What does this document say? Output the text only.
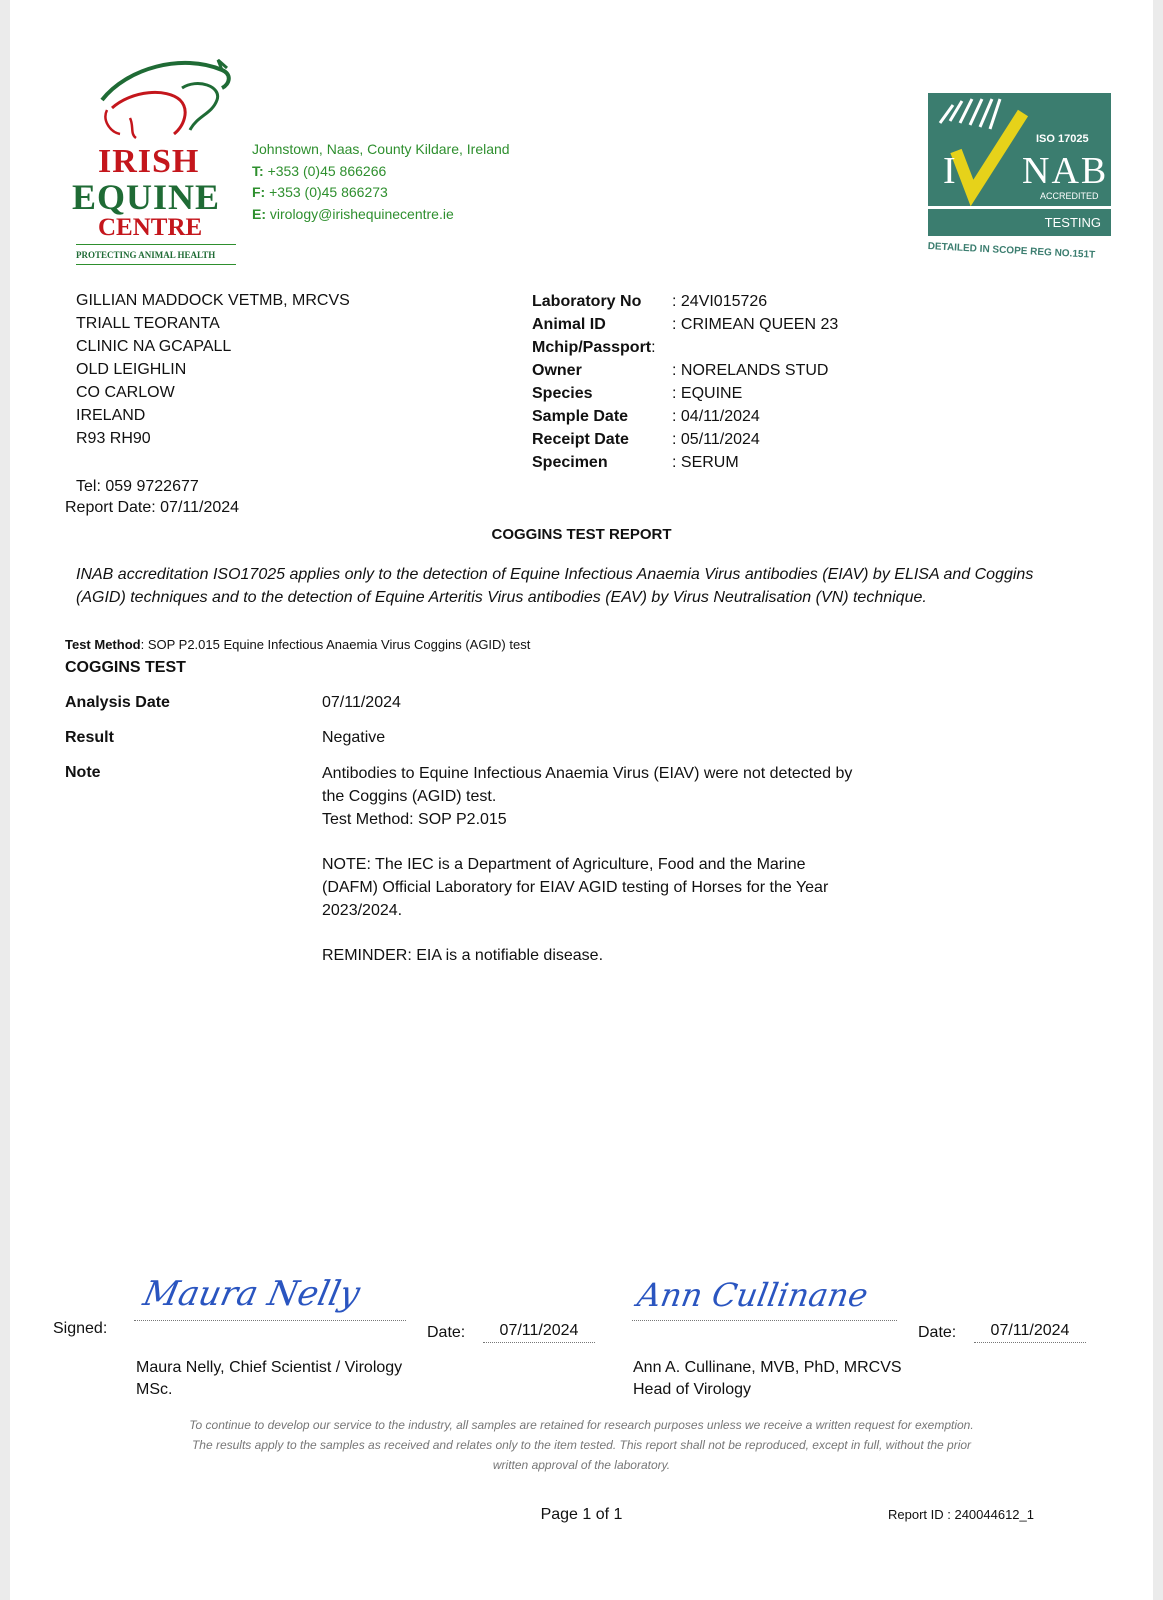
IRISH
EQUINE
CENTRE
PROTECTING ANIMAL HEALTH
Johnstown, Naas, County Kildare, Ireland
T: +353 (0)45 866266
F: +353 (0)45 866273
E: virology@irishequinecentre.ie
I
ISO 17025
NAB
ACCREDITED
TESTING
DETAILED IN SCOPE REG NO.151T
GILLIAN MADDOCK VETMB, MRCVS
TRIALL TEORANTA
CLINIC NA GCAPALL
OLD LEIGHLIN
CO CARLOW
IRELAND
R93 RH90
Tel: 059 9722677
Report Date: 07/11/2024
Laboratory No	: 24VI015726
Animal ID	: CRIMEAN QUEEN 23
Mchip/Passport :
Owner	: NORELANDS STUD
Species	: EQUINE
Sample Date	: 04/11/2024
Receipt Date	: 05/11/2024
Specimen	: SERUM
COGGINS TEST REPORT
INAB accreditation ISO17025 applies only to the detection of Equine Infectious Anaemia Virus antibodies (EIAV) by ELISA and Coggins (AGID) techniques and to the detection of Equine Arteritis Virus antibodies (EAV) by Virus Neutralisation (VN) technique.
Test Method: SOP P2.015 Equine Infectious Anaemia Virus Coggins (AGID) test
COGGINS TEST
Analysis Date	07/11/2024
Result	Negative
Note	Antibodies to Equine Infectious Anaemia Virus (EIAV) were not detected by
the Coggins (AGID) test.
Test Method: SOP P2.015
NOTE: The IEC is a Department of Agriculture, Food and the Marine
(DAFM) Official Laboratory for EIAV AGID testing of Horses for the Year
2023/2024.
REMINDER: EIA is a notifiable disease.
Signed:
Maura Nelly
Date:	07/11/2024
Maura Nelly, Chief Scientist / Virology
MSc.
Ann Cullinane
Date:	07/11/2024
Ann A. Cullinane, MVB, PhD, MRCVS
Head of Virology
To continue to develop our service to the industry, all samples are retained for research purposes unless we receive a written request for exemption.
The results apply to the samples as received and relates only to the item tested. This report shall not be reproduced, except in full, without the prior
written approval of the laboratory.
Page 1 of 1	Report ID : 240044612_1
